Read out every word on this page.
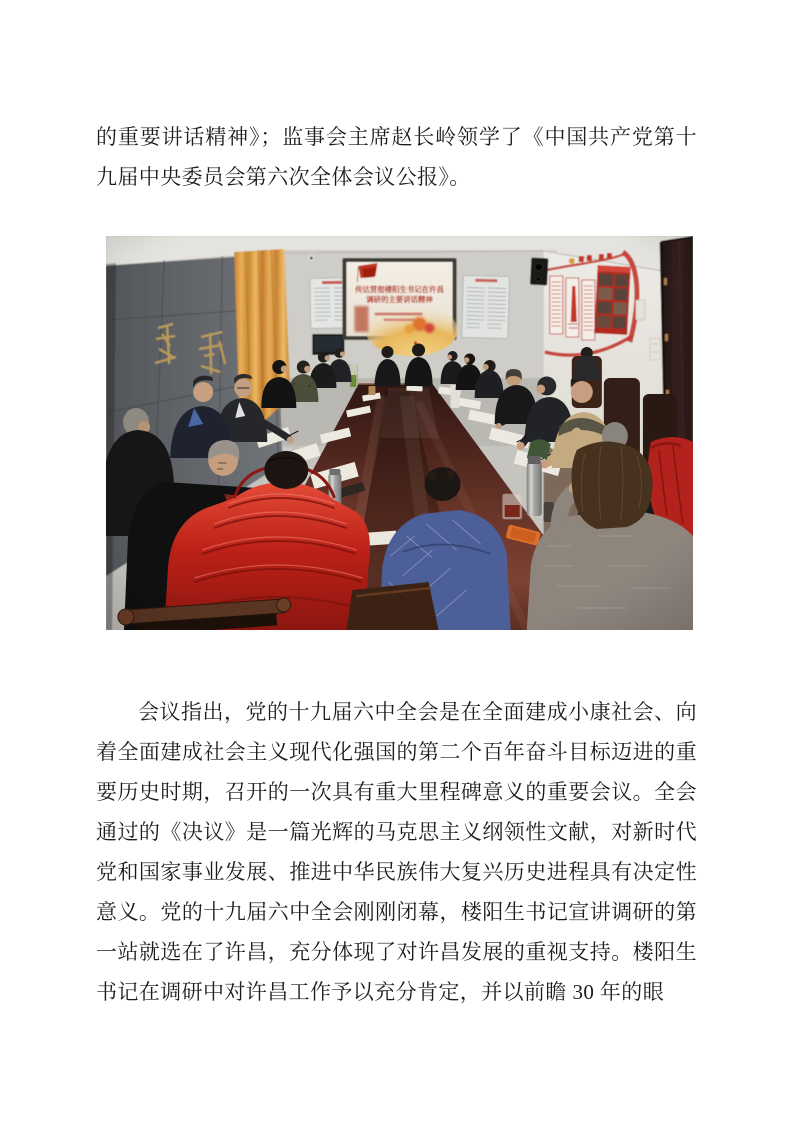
的重要讲话精神》；监事会主席赵长岭领学了《中国共产党第十九届中央委员会第六次全体会议公报》。

会议指出，党的十九届六中全会是在全面建成小康社会、向着全面建成社会主义现代化强国的第二个百年奋斗目标迈进的重要历史时期，召开的一次具有重大里程碑意义的重要会议。全会通过的《决议》是一篇光辉的马克思主义纲领性文献，对新时代党和国家事业发展、推进中华民族伟大复兴历史进程具有决定性意义。党的十九届六中全会刚刚闭幕，楼阳生书记宣讲调研的第一站就选在了许昌，充分体现了对许昌发展的重视支持。楼阳生书记在调研中对许昌工作予以充分肯定，并以前瞻 30 年的眼
